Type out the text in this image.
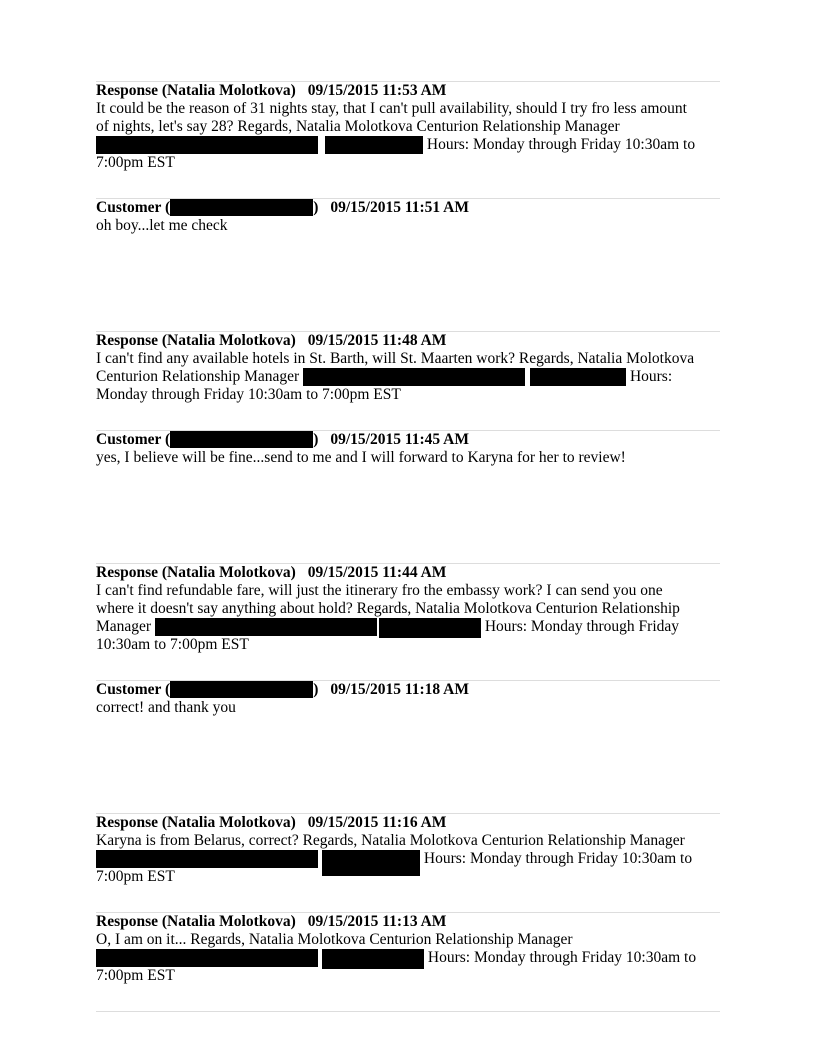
Response (Natalia Molotkova) 09/15/2015 11:53 AM
It could be the reason of 31 nights stay, that I can't pull availability, should I try fro less amount
of nights, let's say 28? Regards, Natalia Molotkova Centurion Relationship Manager
Hours: Monday through Friday 10:30am to
7:00pm EST
Customer (	) 09/15/2015 11:51 AM
oh boy...let me check
Response (Natalia Molotkova) 09/15/2015 11:48 AM
I can't find any available hotels in St. Barth, will St. Maarten work? Regards, Natalia Molotkova
Centurion Relationship Manager	Hours:
Monday through Friday 10:30am to 7:00pm EST
Customer (	) 09/15/2015 11:45 AM
yes, I believe will be fine...send to me and I will forward to Karyna for her to review!
Response (Natalia Molotkova) 09/15/2015 11:44 AM
I can't find refundable fare, will just the itinerary fro the embassy work? I can send you one
where it doesn't say anything about hold? Regards, Natalia Molotkova Centurion Relationship
Manager	Hours: Monday through Friday
10:30am to 7:00pm EST
Customer (	) 09/15/2015 11:18 AM
correct! and thank you
Response (Natalia Molotkova) 09/15/2015 11:16 AM
Karyna is from Belarus, correct? Regards, Natalia Molotkova Centurion Relationship Manager
Hours: Monday through Friday 10:30am to
7:00pm EST
Response (Natalia Molotkova) 09/15/2015 11:13 AM
O, I am on it... Regards, Natalia Molotkova Centurion Relationship Manager
Hours: Monday through Friday 10:30am to
7:00pm EST
